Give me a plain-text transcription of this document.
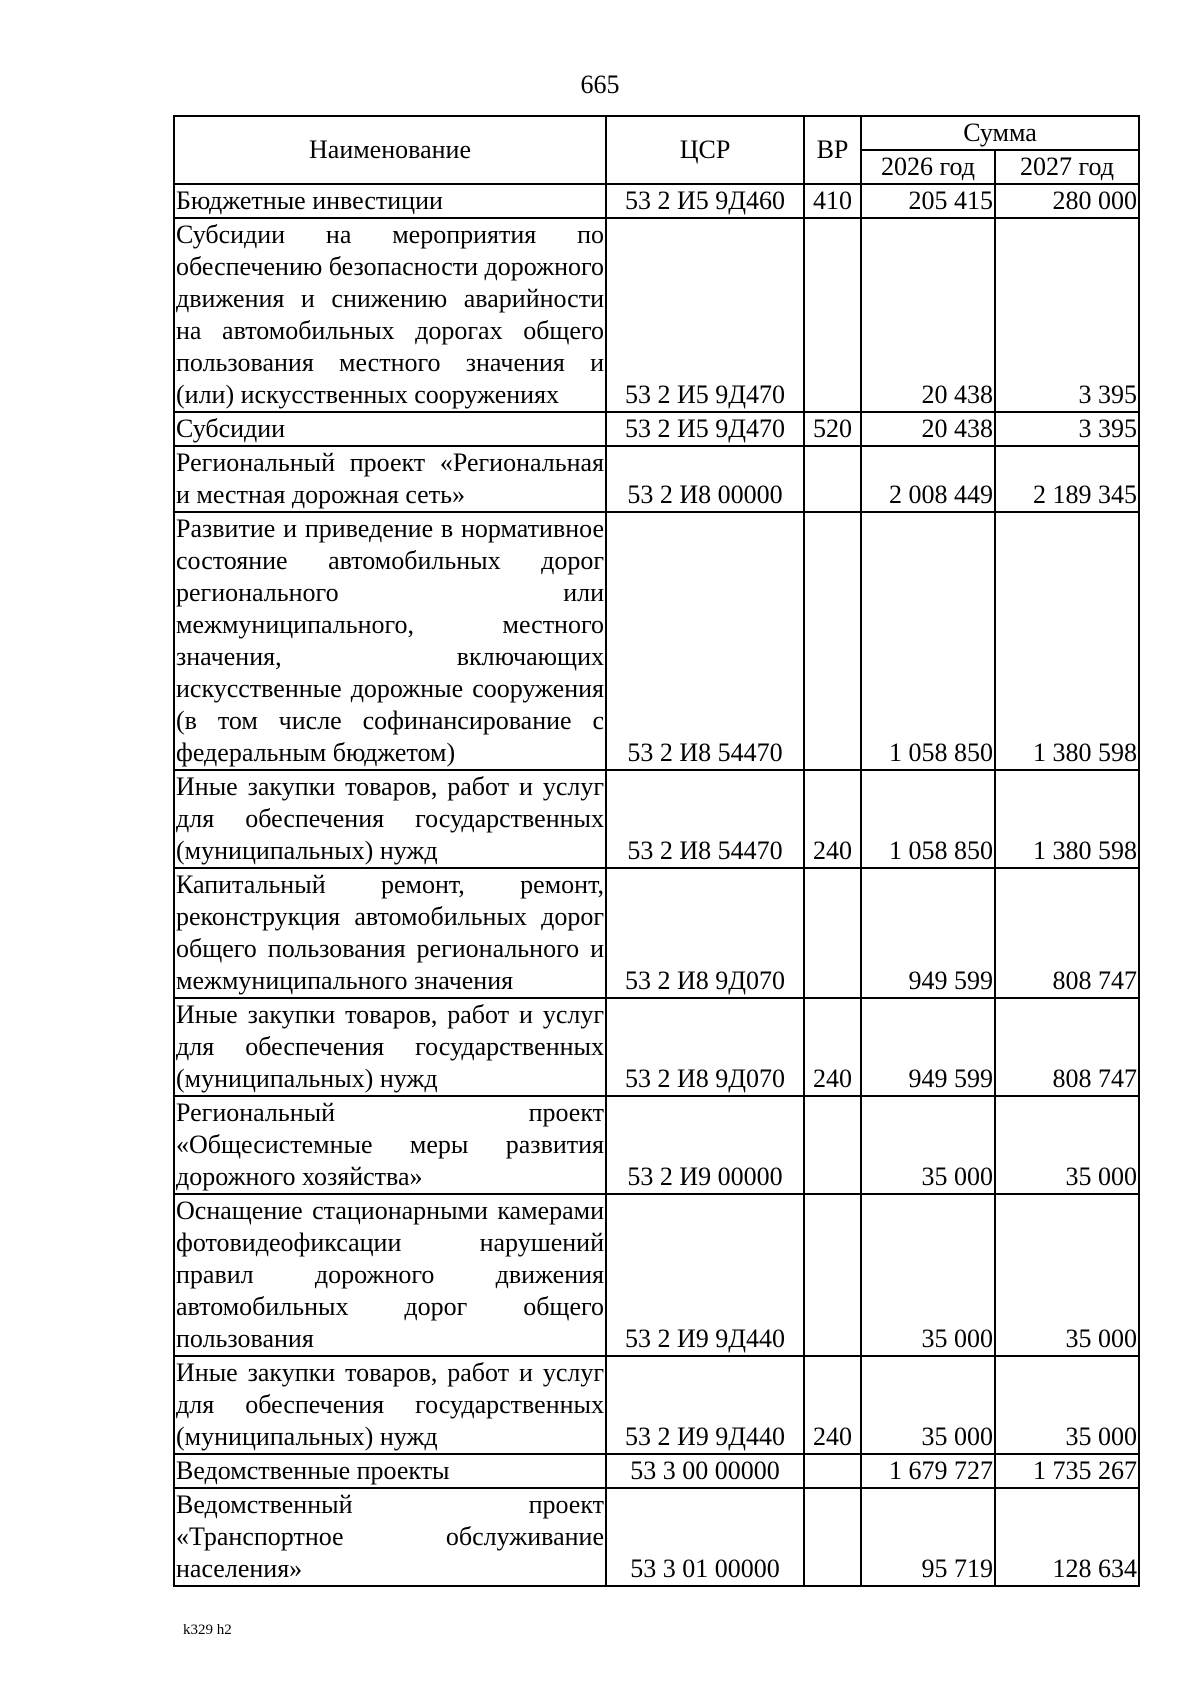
665
Наименование	ЦСР	ВР	Сумма	
			2026 год	2027 год
Бюджетные инвестиции	53 2 И5 9Д460	410	205 415	280 000
Субсидии на мероприятия по обеспечению безопасности дорожного движения и снижению аварийности на автомобильных дорогах общего пользования местного значения и (или) искусственных сооружениях	53 2 И5 9Д470		20 438	3 395
Субсидии	53 2 И5 9Д470	520	20 438	3 395
Региональный проект «Региональная и местная дорожная сеть»	53 2 И8 00000		2 008 449	2 189 345
Развитие и приведение в нормативное состояние автомобильных дорог регионального или межмуниципального, местного значения, включающих искусственные дорожные сооружения (в том числе софинансирование с федеральным бюджетом)	53 2 И8 54470		1 058 850	1 380 598
Иные закупки товаров, работ и услуг для обеспечения государственных (муниципальных) нужд	53 2 И8 54470	240	1 058 850	1 380 598
Капитальный ремонт, ремонт, реконструкция автомобильных дорог общего пользования регионального и межмуниципального значения	53 2 И8 9Д070		949 599	808 747
Иные закупки товаров, работ и услуг для обеспечения государственных (муниципальных) нужд	53 2 И8 9Д070	240	949 599	808 747
Региональный проект «Общесистемные меры развития дорожного хозяйства»	53 2 И9 00000		35 000	35 000
Оснащение стационарными камерами фотовидеофиксации нарушений правил дорожного движения автомобильных дорог общего пользования	53 2 И9 9Д440		35 000	35 000
Иные закупки товаров, работ и услуг для обеспечения государственных (муниципальных) нужд	53 2 И9 9Д440	240	35 000	35 000
Ведомственные проекты	53 3 00 00000		1 679 727	1 735 267
Ведомственный проект «Транспортное обслуживание населения»	53 3 01 00000		95 719	128 634
k329 h2
